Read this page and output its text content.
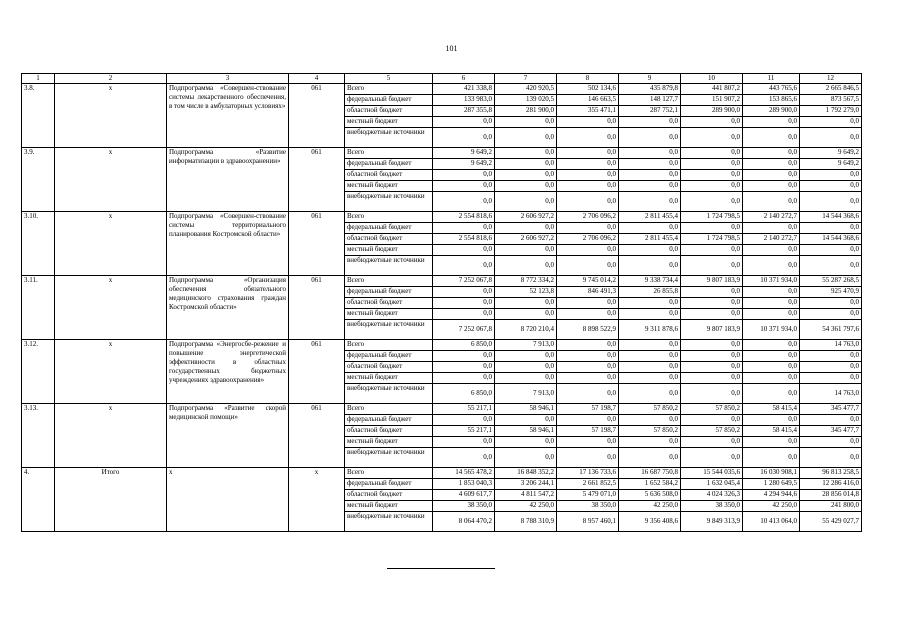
101
1	2	3	4	5	6	7	8	9	10	11	12
3.8.	х	Подпрограмма «Совершен-ствование системы лекарственного обеспечения, в том числе в амбулаторных условиях»	061	Всего	421 338,8	420 920,5	502 134,6	435 879,8	441 807,2	443 765,6	2 665 846,5
				федеральный бюджет	133 983,0	139 020,5	146 663,5	148 127,7	151 907,2	153 865,6	873 567,5
				областной бюджет	287 355,8	281 900,0	355 471,1	287 752,1	289 900,0	289 900,0	1 792 279,0
				местный бюджет	0,0	0,0	0,0	0,0	0,0	0,0	0,0
				внебюджетные источники	0,0	0,0	0,0	0,0	0,0	0,0	0,0
3.9.	х	Подпрограмма «Развитие информатизации в здравоохранении»	061	Всего	9 649,2	0,0	0,0	0,0	0,0	0,0	9 649,2
				федеральный бюджет	9 649,2	0,0	0,0	0,0	0,0	0,0	9 649,2
				областной бюджет	0,0	0,0	0,0	0,0	0,0	0,0	0,0
				местный бюджет	0,0	0,0	0,0	0,0	0,0	0,0	0,0
				внебюджетные источники	0,0	0,0	0,0	0,0	0,0	0,0	0,0
3.10.	х	Подпрограмма «Совершен-ствование системы территориального планирования Костромской области»	061	Всего	2 554 818,6	2 606 927,2	2 706 096,2	2 811 455,4	1 724 798,5	2 140 272,7	14 544 368,6
				федеральный бюджет	0,0	0,0	0,0	0,0	0,0	0,0	0,0
				областной бюджет	2 554 818,6	2 606 927,2	2 706 096,2	2 811 455,4	1 724 798,5	2 140 272,7	14 544 368,6
				местный бюджет	0,0	0,0	0,0	0,0	0,0	0,0	0,0
				внебюджетные источники	0,0	0,0	0,0	0,0	0,0	0,0	0,0
3.11.	х	Подпрограмма «Организация обеспечения обязательного медицинского страхования граждан Костромской области»	061	Всего	7 252 067,8	8 772 334,2	9 745 014,2	9 338 734,4	9 807 183,9	10 371 934,0	55 287 268,5
				федеральный бюджет	0,0	52 123,8	846 491,3	26 855,8	0,0	0,0	925 470,9
				областной бюджет	0,0	0,0	0,0	0,0	0,0	0,0	0,0
				местный бюджет	0,0	0,0	0,0	0,0	0,0	0,0	0,0
				внебюджетные источники	7 252 067,8	8 720 210,4	8 898 522,9	9 311 878,6	9 807 183,9	10 371 934,0	54 361 797,6
3.12.	х	Подпрограмма «Энергосбе-режение и повышение энергетической эффективности в областных государственных бюджетных учреждениях здравоохранения»	061	Всего	6 850,0	7 913,0	0,0	0,0	0,0	0,0	14 763,0
				федеральный бюджет	0,0	0,0	0,0	0,0	0,0	0,0	0,0
				областной бюджет	0,0	0,0	0,0	0,0	0,0	0,0	0,0
				местный бюджет	0,0	0,0	0,0	0,0	0,0	0,0	0,0
				внебюджетные источники	6 850,0	7 913,0	0,0	0,0	0,0	0,0	14 763,0
3.13.	х	Подпрограмма «Развитие скорой медицинской помощи»	061	Всего	55 217,1	58 946,1	57 198,7	57 850,2	57 850,2	58 415,4	345 477,7
				федеральный бюджет	0,0	0,0	0,0	0,0	0,0	0,0	0,0
				областной бюджет	55 217,1	58 946,1	57 198,7	57 850,2	57 850,2	58 415,4	345 477,7
				местный бюджет	0,0	0,0	0,0	0,0	0,0	0,0	0,0
				внебюджетные источники	0,0	0,0	0,0	0,0	0,0	0,0	0,0
4.	Итого	х	х	Всего	14 565 478,2	16 848 352,2	17 136 733,6	16 687 750,8	15 544 035,6	16 030 908,1	96 813 258,5
				федеральный бюджет	1 853 040,3	3 206 244,1	2 661 852,5	1 652 584,2	1 632 045,4	1 280 649,5	12 286 416,0
				областной бюджет	4 609 617,7	4 811 547,2	5 479 071,0	5 636 508,0	4 024 326,3	4 294 944,6	28 856 014,8
				местный бюджет	38 350,0	42 250,0	38 350,0	42 250,0	38 350,0	42 250,0	241 800,0
				внебюджетные источники	8 064 470,2	8 788 310,9	8 957 460,1	9 356 408,6	9 849 313,9	10 413 064,0	55 429 027,7
